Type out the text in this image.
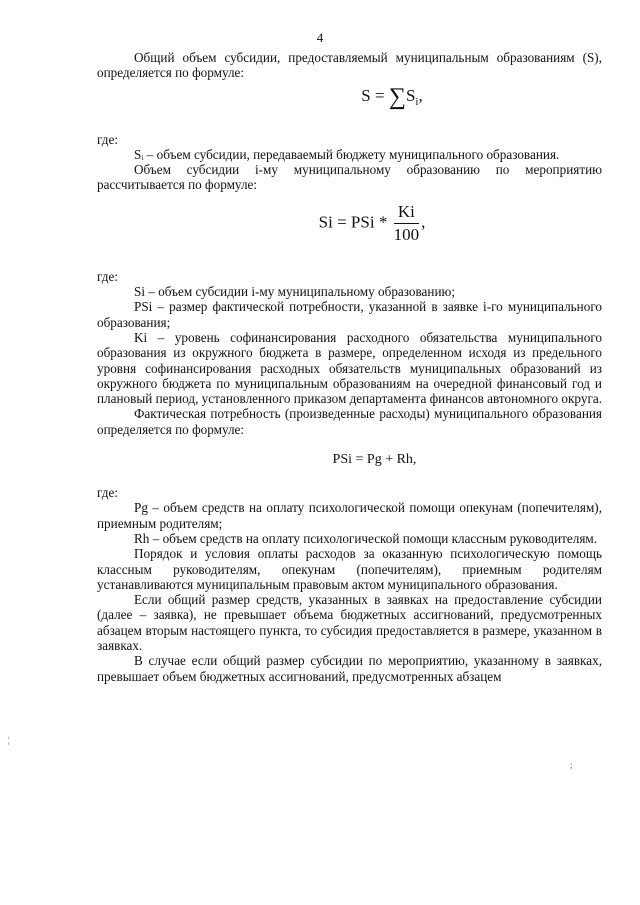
4

Общий объем субсидии, предоставляемый муниципальным образованиям (S), определяется по формуле:

$S = \sum S_i$,

где:

Sᵢ – объем субсидии, передаваемый бюджету муниципального образования.

Объем субсидии i-му муниципальному образованию по мероприятию рассчитывается по формуле:

Si = PSi * $\frac{Ki}{100}$ ,

где:

Si – объем субсидии i-му муниципальному образованию;

PSi – размер фактической потребности, указанной в заявке i-го муниципального образования;

Ki – уровень софинансирования расходного обязательства муниципального образования из окружного бюджета в размере, определенном исходя из предельного уровня софинансирования расходных обязательств муниципальных образований из окружного бюджета по муниципальным образованиям на очередной финансовый год и плановый период, установленного приказом департамента финансов автономного округа.

Фактическая потребность (произведенные расходы) муниципального образования определяется по формуле:

PSi = Pg + Rh,

где:

Pg – объем средств на оплату психологической помощи опекунам (попечителям), приемным родителям;

Rh – объем средств на оплату психологической помощи классным руководителям.

Порядок и условия оплаты расходов за оказанную психологическую помощь классным руководителям, опекунам (попечителям), приемным родителям устанавливаются муниципальным правовым актом муниципального образования.

Если общий размер средств, указанных в заявках на предоставление субсидии (далее – заявка), не превышает объема бюджетных ассигнований, предусмотренных абзацем вторым настоящего пункта, то субсидия предоставляется в размере, указанном в заявках.

В случае если общий размер субсидии по мероприятию, указанному в заявках, превышает объем бюджетных ассигнований, предусмотренных абзацем

¦
;
